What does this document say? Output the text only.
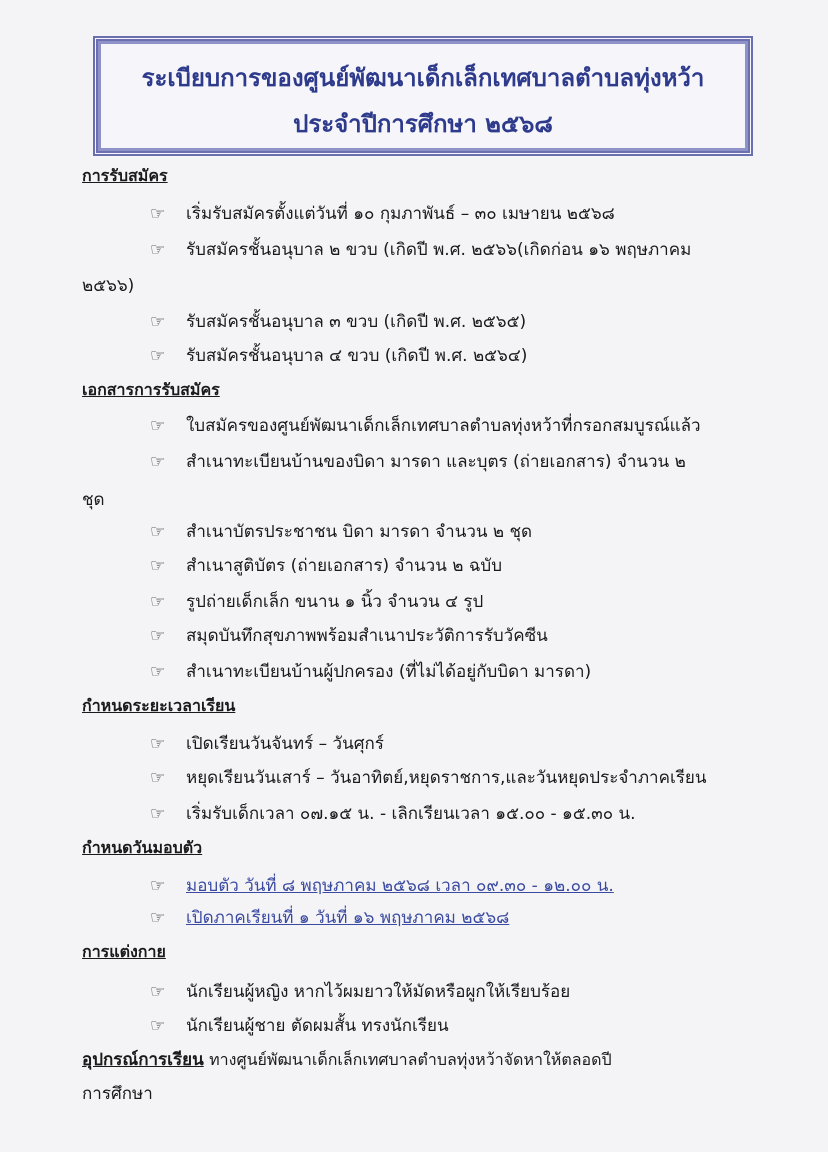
ระเบียบการของศูนย์พัฒนาเด็กเล็กเทศบาลตำบลทุ่งหว้า
ประจำปีการศึกษา ๒๕๖๘
การรับสมัคร
☞	เริ่มรับสมัครตั้งแต่วันที่ ๑๐ กุมภาพันธ์ – ๓๐ เมษายน ๒๕๖๘
☞	รับสมัครชั้นอนุบาล ๒ ขวบ (เกิดปี พ.ศ. ๒๕๖๖(เกิดก่อน ๑๖ พฤษภาคม
๒๕๖๖)
☞	รับสมัครชั้นอนุบาล ๓ ขวบ (เกิดปี พ.ศ. ๒๕๖๕)
☞	รับสมัครชั้นอนุบาล ๔ ขวบ (เกิดปี พ.ศ. ๒๕๖๔)
เอกสารการรับสมัคร
☞	ใบสมัครของศูนย์พัฒนาเด็กเล็กเทศบาลตำบลทุ่งหว้าที่กรอกสมบูรณ์แล้ว
☞	สำเนาทะเบียนบ้านของบิดา มารดา และบุตร (ถ่ายเอกสาร) จำนวน ๒
ชุด
☞	สำเนาบัตรประชาชน บิดา มารดา จำนวน ๒ ชุด
☞	สำเนาสูติบัตร (ถ่ายเอกสาร) จำนวน ๒ ฉบับ
☞	รูปถ่ายเด็กเล็ก ขนาน ๑ นิ้ว จำนวน ๔ รูป
☞	สมุดบันทึกสุขภาพพร้อมสำเนาประวัติการรับวัคซีน
☞	สำเนาทะเบียนบ้านผู้ปกครอง (ที่ไม่ได้อยู่กับบิดา มารดา)
กำหนดระยะเวลาเรียน
☞	เปิดเรียนวันจันทร์ – วันศุกร์
☞	หยุดเรียนวันเสาร์ – วันอาทิตย์,หยุดราชการ,และวันหยุดประจำภาคเรียน
☞	เริ่มรับเด็กเวลา ๐๗.๑๕ น. - เลิกเรียนเวลา ๑๕.๐๐ - ๑๕.๓๐ น.
กำหนดวันมอบตัว
☞	มอบตัว วันที่ ๘ พฤษภาคม ๒๕๖๘ เวลา ๐๙.๓๐ - ๑๒.๐๐ น.
☞	เปิดภาคเรียนที่ ๑ วันที่ ๑๖ พฤษภาคม ๒๕๖๘
การแต่งกาย
☞	นักเรียนผู้หญิง หากไว้ผมยาวให้มัดหรือผูกให้เรียบร้อย
☞	นักเรียนผู้ชาย ตัดผมสั้น ทรงนักเรียน
อุปกรณ์การเรียน ทางศูนย์พัฒนาเด็กเล็กเทศบาลตำบลทุ่งหว้าจัดหาให้ตลอดปี
การศึกษา
